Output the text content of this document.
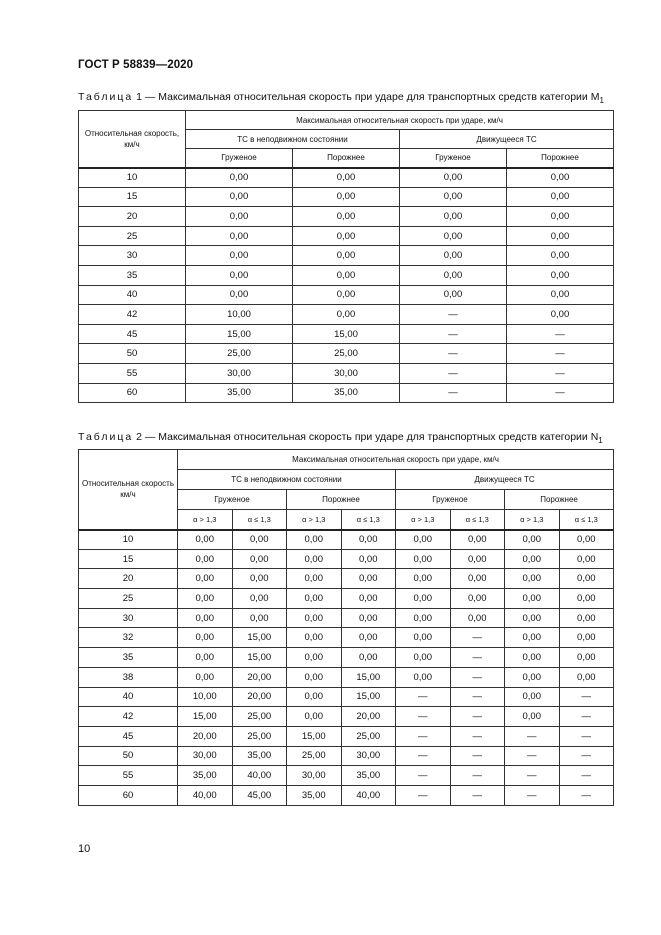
ГОСТ Р 58839—2020
Таблица 1 — Максимальная относительная скорость при ударе для транспортных средств категории $M_1$
Относительная скорость, км/ч	Максимальная относительная скорость при ударе, км/ч			
	ТС в неподвижном состоянии		Движущееся ТС	
	Груженое	Порожнее	Груженое	Порожнее
10	0,00	0,00	0,00	0,00
15	0,00	0,00	0,00	0,00
20	0,00	0,00	0,00	0,00
25	0,00	0,00	0,00	0,00
30	0,00	0,00	0,00	0,00
35	0,00	0,00	0,00	0,00
40	0,00	0,00	0,00	0,00
42	10,00	0,00	—	0,00
45	15,00	15,00	—	—
50	25,00	25,00	—	—
55	30,00	30,00	—	—
60	35,00	35,00	—	—
Таблица 2 — Максимальная относительная скорость при ударе для транспортных средств категории $N_1$
Относительная скорость км/ч	Максимальная относительная скорость при ударе, км/ч							
	ТС в неподвижном состоянии				Движущееся ТС			
	Груженое		Порожнее		Груженое		Порожнее	
	α > 1,3	α ≤ 1,3	α > 1,3	α ≤ 1,3	α > 1,3	α ≤ 1,3	α > 1,3	α ≤ 1,3
10	0,00	0,00	0,00	0,00	0,00	0,00	0,00	0,00
15	0,00	0,00	0,00	0,00	0,00	0,00	0,00	0,00
20	0,00	0,00	0,00	0,00	0,00	0,00	0,00	0,00
25	0,00	0,00	0,00	0,00	0,00	0,00	0,00	0,00
30	0,00	0,00	0,00	0,00	0,00	0,00	0,00	0,00
32	0,00	15,00	0,00	0,00	0,00	—	0,00	0,00
35	0,00	15,00	0,00	0,00	0,00	—	0,00	0,00
38	0,00	20,00	0,00	15,00	0,00	—	0,00	0,00
40	10,00	20,00	0,00	15,00	—	—	0,00	—
42	15,00	25,00	0,00	20,00	—	—	0,00	—
45	20,00	25,00	15,00	25,00	—	—	—	—
50	30,00	35,00	25,00	30,00	—	—	—	—
55	35,00	40,00	30,00	35,00	—	—	—	—
60	40,00	45,00	35,00	40,00	—	—	—	—
10
